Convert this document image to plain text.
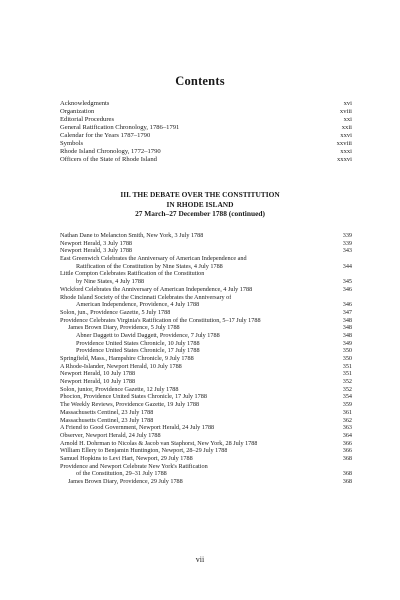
Contents
Acknowledgments	xvi
Organization	xviii
Editorial Procedures	xxi
General Ratification Chronology, 1786–1791	xxii
Calendar for the Years 1787–1790	xxvi
Symbols	xxviii
Rhode Island Chronology, 1772–1790	xxxi
Officers of the State of Rhode Island	xxxvi
III. THE DEBATE OVER THE CONSTITUTION
IN RHODE ISLAND
27 March–27 December 1788 (continued)
Nathan Dane to Melancton Smith, New York, 3 July 1788	339
Newport Herald, 3 July 1788	339
Newport Herald, 3 July 1788	343
East Greenwich Celebrates the Anniversary of American Independence and
Ratification of the Constitution by Nine States, 4 July 1788	344
Little Compton Celebrates Ratification of the Constitution
by Nine States, 4 July 1788	345
Wickford Celebrates the Anniversary of American Independence, 4 July 1788	346
Rhode Island Society of the Cincinnati Celebrates the Anniversary of
American Independence, Providence, 4 July 1788	346
Solon, jun., Providence Gazette, 5 July 1788	347
Providence Celebrates Virginia's Ratification of the Constitution, 5–17 July 1788	348
James Brown Diary, Providence, 5 July 1788	348
Abner Daggett to David Daggett, Providence, 7 July 1788	348
Providence United States Chronicle, 10 July 1788	349
Providence United States Chronicle, 17 July 1788	350
Springfield, Mass., Hampshire Chronicle, 9 July 1788	350
A Rhode-Islander, Newport Herald, 10 July 1788	351
Newport Herald, 10 July 1788	351
Newport Herald, 10 July 1788	352
Solon, junior, Providence Gazette, 12 July 1788	352
Phocion, Providence United States Chronicle, 17 July 1788	354
The Weekly Reviews, Providence Gazette, 19 July 1788	359
Massachusetts Centinel, 23 July 1788	361
Massachusetts Centinel, 23 July 1788	362
A Friend to Good Government, Newport Herald, 24 July 1788	363
Observer, Newport Herald, 24 July 1788	364
Arnold H. Dohrman to Nicolas & Jacob van Staphorst, New York, 28 July 1788	366
William Ellery to Benjamin Huntington, Newport, 28–29 July 1788	366
Samuel Hopkins to Levi Hart, Newport, 29 July 1788	368
Providence and Newport Celebrate New York's Ratification
of the Constitution, 29–31 July 1788	368
James Brown Diary, Providence, 29 July 1788	368
vii
